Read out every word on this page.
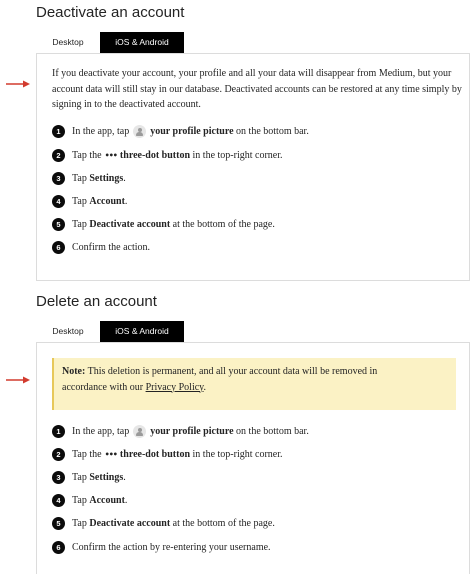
Deactivate an account
Desktop	iOS & Android

If you deactivate your account, your profile and all your data will disappear from Medium, but your account data will still stay in our database. Deactivated accounts can be restored at any time simply by signing in to the deactivated account.

1	In the app, tap your profile picture
on the bottom bar.
2	Tap the ••• three-dot button
in the top-right corner.
3	Tap
Settings .
4	Tap
Account .
5	Tap
Deactivate account
at the bottom of the page.
6	Confirm the action.
Delete an account
Desktop	iOS & Android
Note: This deletion is permanent, and all your account data will be removed in
accordance with our Privacy Policy.
1	In the app, tap your profile picture
on the bottom bar.
2	Tap the ••• three-dot button
in the top-right corner.
3	Tap
Settings .
4	Tap
Account .
5	Tap
Deactivate account
at the bottom of the page.
6	Confirm the action by re-entering your username.
